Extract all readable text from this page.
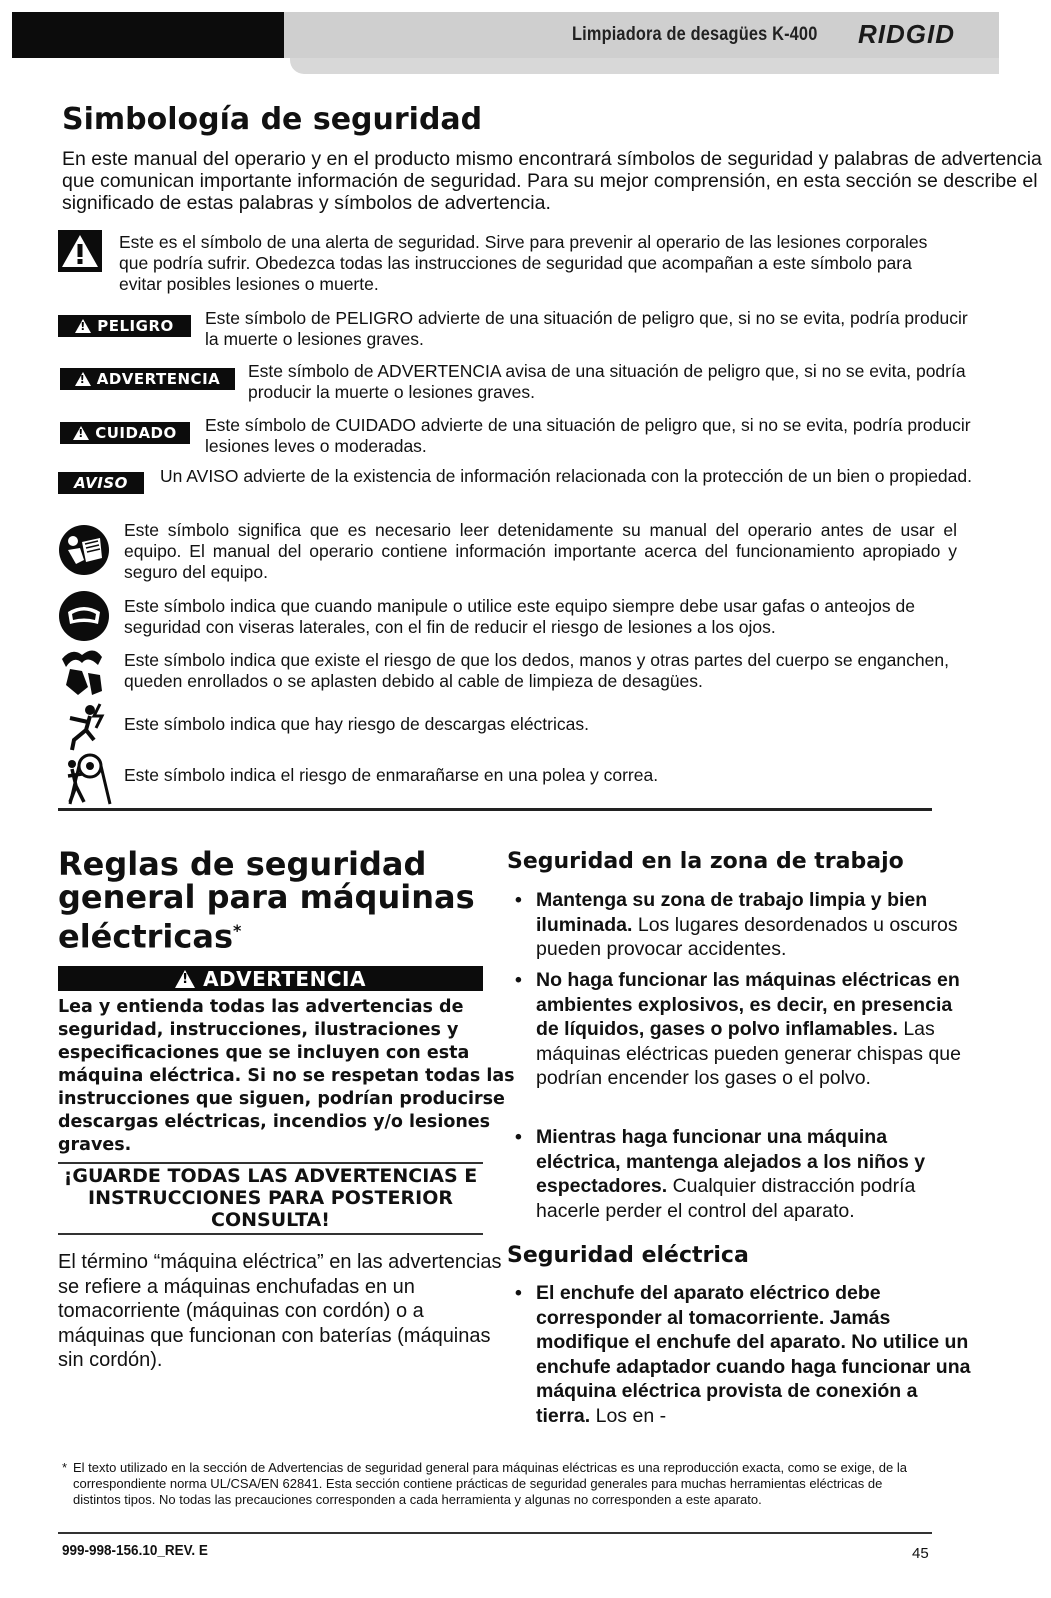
Limpiadora de desagües K-400 RIDGID
Simbología de seguridad

En este manual del operario y en el producto mismo encontrará símbolos de seguridad y palabras de advertencia que comunican importante información de seguridad. Para su mejor comprensión, en esta sección se describe el significado de estas palabras y símbolos de advertencia.

Este es el símbolo de una alerta de seguridad. Sirve para prevenir al operario de las lesiones corporales que podría sufrir. Obedezca todas las instrucciones de seguridad que acompañan a este símbolo para evitar posibles lesiones o muerte.

!
PELIGRO Este símbolo de PELIGRO advierte de una situación de peligro que, si no se evita, podría producir la muerte o lesiones graves.

!
ADVERTENCIA Este símbolo de ADVERTENCIA avisa de una situación de peligro que, si no se evita, podría producir la muerte o lesiones graves.

!
CUIDADO Este símbolo de CUIDADO advierte de una situación de peligro que, si no se evita, podría producir lesiones leves o moderadas.

AVISO Un AVISO advierte de la existencia de información relacionada con la protección de un bien o propiedad.

Este símbolo significa que es necesario leer detenidamente su manual del operario antes de usar el equipo. El manual del operario contiene información importante acerca del funcionamiento apropiado y seguro del equipo.

Este símbolo indica que cuando manipule o utilice este equipo siempre debe usar gafas o anteojos de seguridad con viseras laterales, con el fin de reducir el riesgo de lesiones a los ojos.

Este símbolo indica que existe el riesgo de que los dedos, manos y otras partes del cuerpo se enganchen, queden enrollados o se aplasten debido al cable de limpieza de desagües.

Este símbolo indica que hay riesgo de descargas eléctricas.

Este símbolo indica el riesgo de enmarañarse en una polea y correa.

Reglas de seguridad general para máquinas eléctricas*
!
ADVERTENCIA

Lea y entienda todas las advertencias de seguridad, instrucciones, ilustraciones y especificaciones que se incluyen con esta máquina eléctrica. Si no se respetan todas las instrucciones que siguen, podrían producirse descargas eléctricas, incendios y/o lesiones graves.

¡GUARDE TODAS LAS ADVERTENCIAS E INSTRUCCIONES PARA POSTERIOR CONSULTA!

El término “máquina eléctrica” en las advertencias se refiere a máquinas enchufadas en un tomacorriente (máquinas con cordón) o a máquinas que funcionan con baterías (máquinas sin cordón).

Seguridad en la zona de trabajo

• Mantenga su zona de trabajo limpia y bien iluminada. Los lugares desordenados u oscuros pueden provocar accidentes.

• No haga funcionar las máquinas eléctricas en ambientes explosivos, es decir, en presencia de líquidos, gases o polvo inflamables. Las máquinas eléctricas pueden generar chispas que podrían encender los gases o el polvo.

• Mientras haga funcionar una máquina eléctrica, mantenga alejados a los niños y espectadores. Cualquier distracción podría hacerle perder el control del aparato.

Seguridad eléctrica

• El enchufe del aparato eléctrico debe corresponder al tomacorriente. Jamás modifique el enchufe del aparato. No utilice un enchufe adaptador cuando haga funcionar una máquina eléctrica provista de conexión a tierra. Los en -

* El texto utilizado en la sección de Advertencias de seguridad general para máquinas eléctricas es una reproducción exacta, como se exige, de la correspondiente norma UL/CSA/EN 62841. Esta sección contiene prácticas de seguridad generales para muchas herramientas eléctricas de distintos tipos. No todas las precauciones corresponden a cada herramienta y algunas no corresponden a este aparato.

999-998-156.10_REV. E	45
